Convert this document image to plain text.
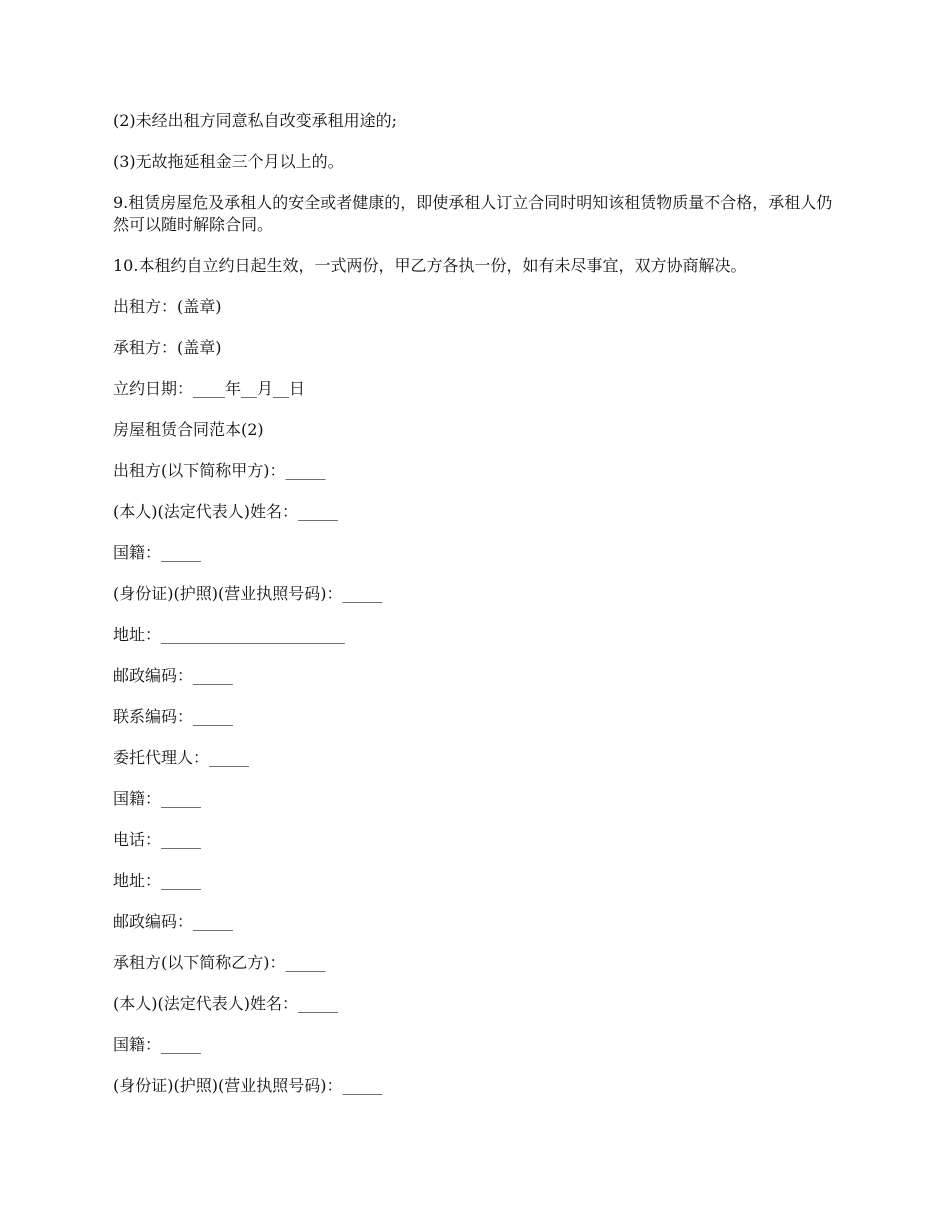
(2)未经出租方同意私自改变承租用途的;

(3)无故拖延租金三个月以上的。

9.租赁房屋危及承租人的安全或者健康的，即使承租人订立合同时明知该租赁物质量不合格，承租人仍然可以随时解除合同。

10.本租约自立约日起生效，一式两份，甲乙方各执一份，如有未尽事宜，双方协商解决。

出租方：(盖章)

承租方：(盖章)

立约日期：____年__月__日

房屋租赁合同范本(2)

出租方(以下简称甲方)：_____

(本人)(法定代表人)姓名：_____

国籍：_____

(身份证)(护照)(营业执照号码)：_____

地址：_______________________

邮政编码：_____

联系编码：_____

委托代理人：_____

国籍：_____

电话：_____

地址：_____

邮政编码：_____

承租方(以下简称乙方)：_____

(本人)(法定代表人)姓名：_____

国籍：_____

(身份证)(护照)(营业执照号码)：_____
